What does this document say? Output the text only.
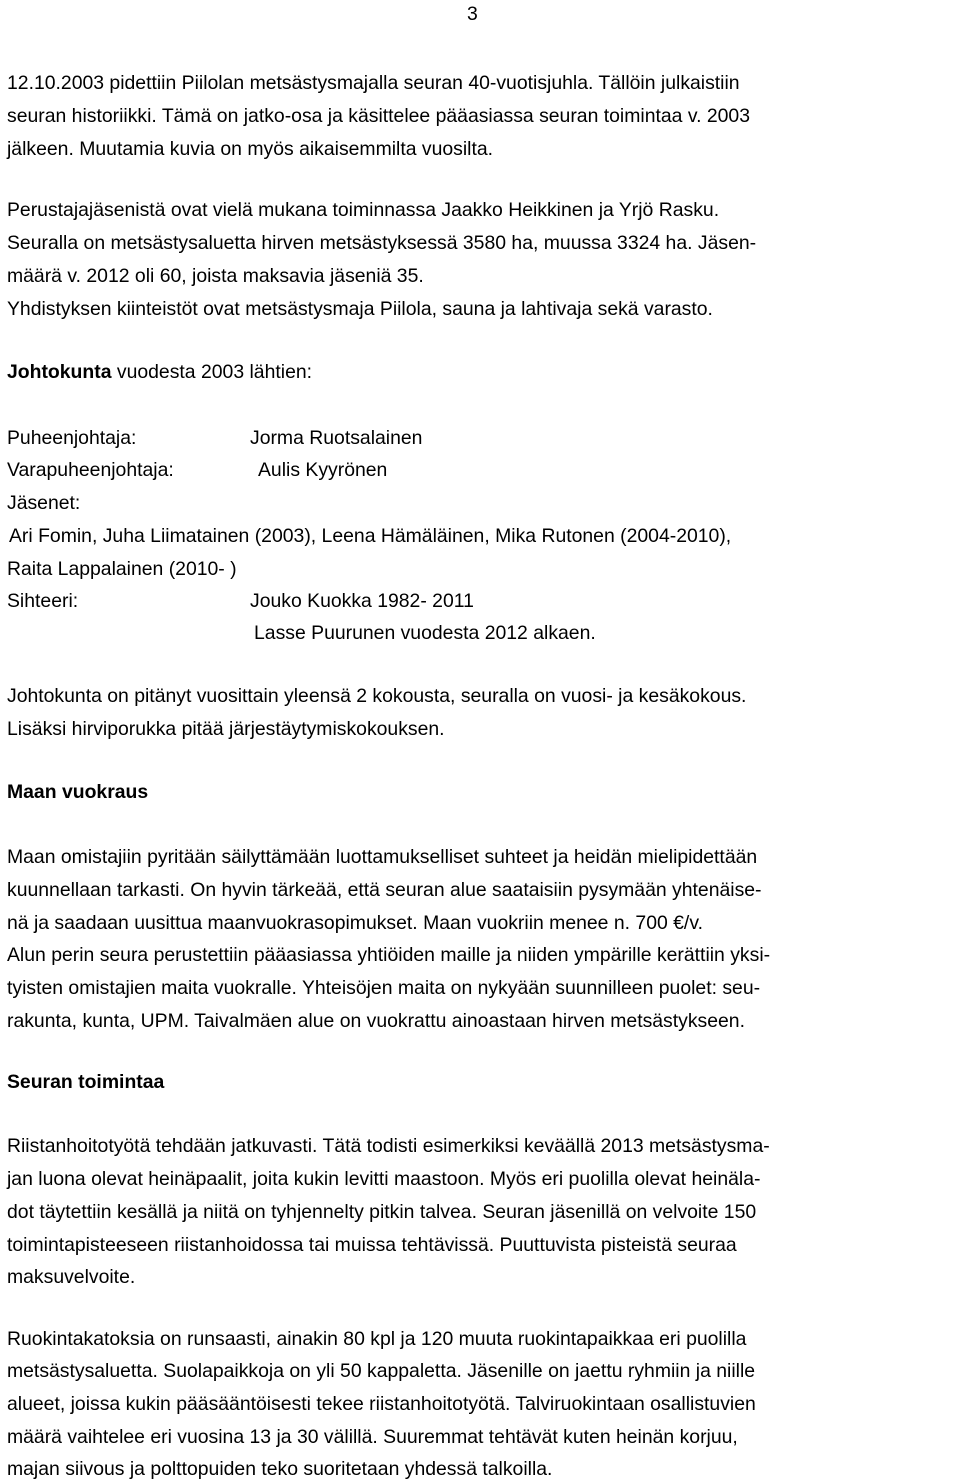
3

12.10.2003 pidettiin Piilolan metsästysmajalla seuran 40-vuotisjuhla. Tällöin julkaistiin

seuran historiikki. Tämä on jatko-osa ja käsittelee pääasiassa seuran toimintaa v. 2003

jälkeen. Muutamia kuvia on myös aikaisemmilta vuosilta.

Perustajajäsenistä ovat vielä mukana toiminnassa Jaakko Heikkinen ja Yrjö Rasku.

Seuralla on metsästysaluetta hirven metsästyksessä 3580 ha, muussa 3324 ha. Jäsen-

määrä v. 2012 oli 60, joista maksavia jäseniä 35.

Yhdistyksen kiinteistöt ovat metsästysmaja Piilola, sauna ja lahtivaja sekä varasto.

Johtokunta vuodesta 2003 lähtien:

Puheenjohtaja:	Jorma Ruotsalainen
Varapuheenjohtaja:	Aulis Kyyrönen

Jäsenet:

Ari Fomin, Juha Liimatainen (2003), Leena Hämäläinen, Mika Rutonen (2004-2010),

Raita Lappalainen (2010- )

Sihteeri:	Jouko Kuokka 1982- 2011

Lasse Puurunen vuodesta 2012 alkaen.

Johtokunta on pitänyt vuosittain yleensä 2 kokousta, seuralla on vuosi- ja kesäkokous.

Lisäksi hirviporukka pitää järjestäytymiskokouksen.

Maan vuokraus

Maan omistajiin pyritään säilyttämään luottamukselliset suhteet ja heidän mielipidettään

kuunnellaan tarkasti. On hyvin tärkeää, että seuran alue saataisiin pysymään yhtenäise-

nä ja saadaan uusittua maanvuokrasopimukset. Maan vuokriin menee n. 700 €/v.

Alun perin seura perustettiin pääasiassa yhtiöiden maille ja niiden ympärille kerättiin yksi-

tyisten omistajien maita vuokralle. Yhteisöjen maita on nykyään suunnilleen puolet: seu-

rakunta, kunta, UPM. Taivalmäen alue on vuokrattu ainoastaan hirven metsästykseen.

Seuran toimintaa

Riistanhoitotyötä tehdään jatkuvasti. Tätä todisti esimerkiksi keväällä 2013 metsästysma-

jan luona olevat heinäpaalit, joita kukin levitti maastoon. Myös eri puolilla olevat heinäla-

dot täytettiin kesällä ja niitä on tyhjennelty pitkin talvea. Seuran jäsenillä on velvoite 150

toimintapisteeseen riistanhoidossa tai muissa tehtävissä. Puuttuvista pisteistä seuraa

maksuvelvoite.

Ruokintakatoksia on runsaasti, ainakin 80 kpl ja 120 muuta ruokintapaikkaa eri puolilla

metsästysaluetta. Suolapaikkoja on yli 50 kappaletta. Jäsenille on jaettu ryhmiin ja niille

alueet, joissa kukin pääsääntöisesti tekee riistanhoitotyötä. Talviruokintaan osallistuvien

määrä vaihtelee eri vuosina 13 ja 30 välillä. Suuremmat tehtävät kuten heinän korjuu,

majan siivous ja polttopuiden teko suoritetaan yhdessä talkoilla.
